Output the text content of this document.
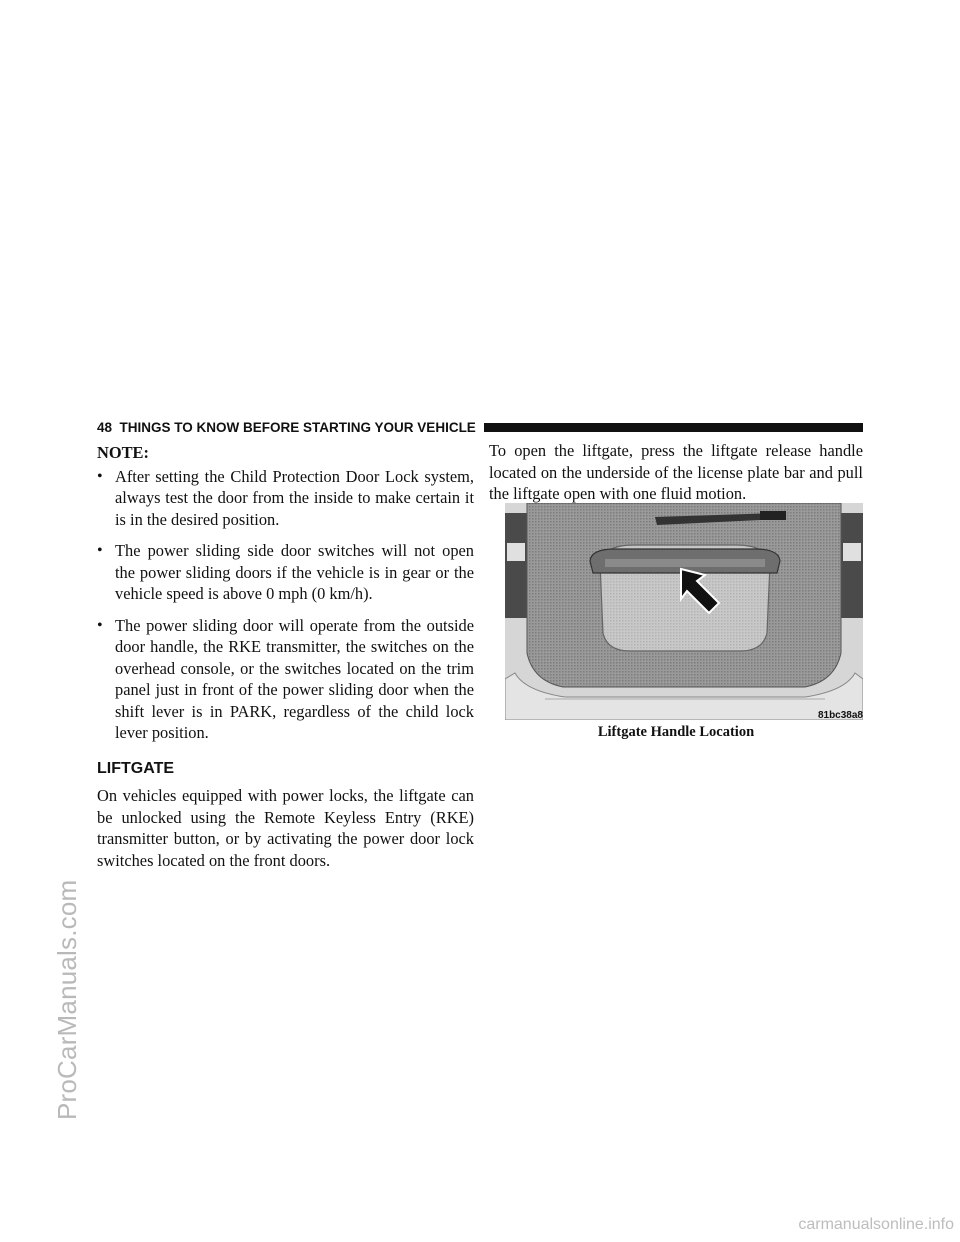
ProCarManuals.com
48 THINGS TO KNOW BEFORE STARTING YOUR VEHICLE
NOTE:
• After setting the Child Protection Door Lock system, always test the door from the inside to make certain it is in the desired position.
• The power sliding side door switches will not open the power sliding doors if the vehicle is in gear or the vehicle speed is above 0 mph (0 km/h).
• The power sliding door will operate from the outside door handle, the RKE transmitter, the switches on the overhead console, or the switches located on the trim panel just in front of the power sliding door when the shift lever is in PARK, regardless of the child lock lever position.
LIFTGATE

On vehicles equipped with power locks, the liftgate can be unlocked using the Remote Keyless Entry (RKE) transmitter button, or by activating the power door lock switches located on the front doors.

To open the liftgate, press the liftgate release handle located on the underside of the license plate bar and pull the liftgate open with one fluid motion.

81bc38a8
Liftgate Handle Location
carmanualsonline.info
